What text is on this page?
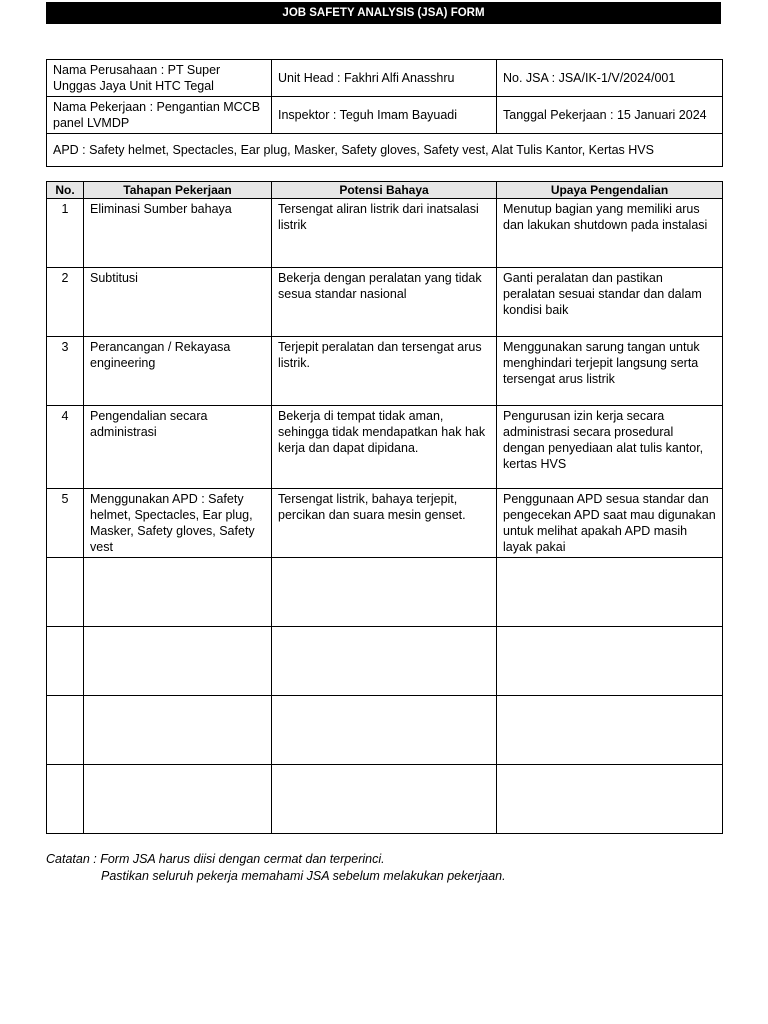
JOB SAFETY ANALYSIS (JSA) FORM
Nama Perusahaan : PT Super Unggas Jaya Unit HTC Tegal	Unit Head : Fakhri Alfi Anasshru	No. JSA : JSA/IK-1/V/2024/001
Nama Pekerjaan : Pengantian MCCB panel LVMDP	Inspektor : Teguh Imam Bayuadi	Tanggal Pekerjaan : 15 Januari 2024
APD : Safety helmet, Spectacles, Ear plug, Masker, Safety gloves, Safety vest, Alat Tulis Kantor, Kertas HVS		
No.	Tahapan Pekerjaan	Potensi Bahaya	Upaya Pengendalian
1	Eliminasi Sumber bahaya	Tersengat aliran listrik dari inatsalasi listrik	Menutup bagian yang memiliki arus dan lakukan shutdown pada instalasi
2	Subtitusi	Bekerja dengan peralatan yang tidak sesua standar nasional	Ganti peralatan dan pastikan peralatan sesuai standar dan dalam kondisi baik
3	Perancangan / Rekayasa engineering	Terjepit peralatan dan tersengat arus listrik.	Menggunakan sarung tangan untuk menghindari terjepit langsung serta tersengat arus listrik
4	Pengendalian secara administrasi	Bekerja di tempat tidak aman, sehingga tidak mendapatkan hak hak kerja dan dapat dipidana.	Pengurusan izin kerja secara administrasi secara prosedural dengan penyediaan alat tulis kantor, kertas HVS
5	Menggunakan APD : Safety helmet, Spectacles, Ear plug, Masker, Safety gloves, Safety vest	Tersengat listrik, bahaya terjepit, percikan dan suara mesin genset.	Penggunaan APD sesua standar dan pengecekan APD saat mau digunakan untuk melihat apakah APD masih layak pakai

Catatan : Form JSA harus diisi dengan cermat dan terperinci.
Pastikan seluruh pekerja memahami JSA sebelum melakukan pekerjaan.
